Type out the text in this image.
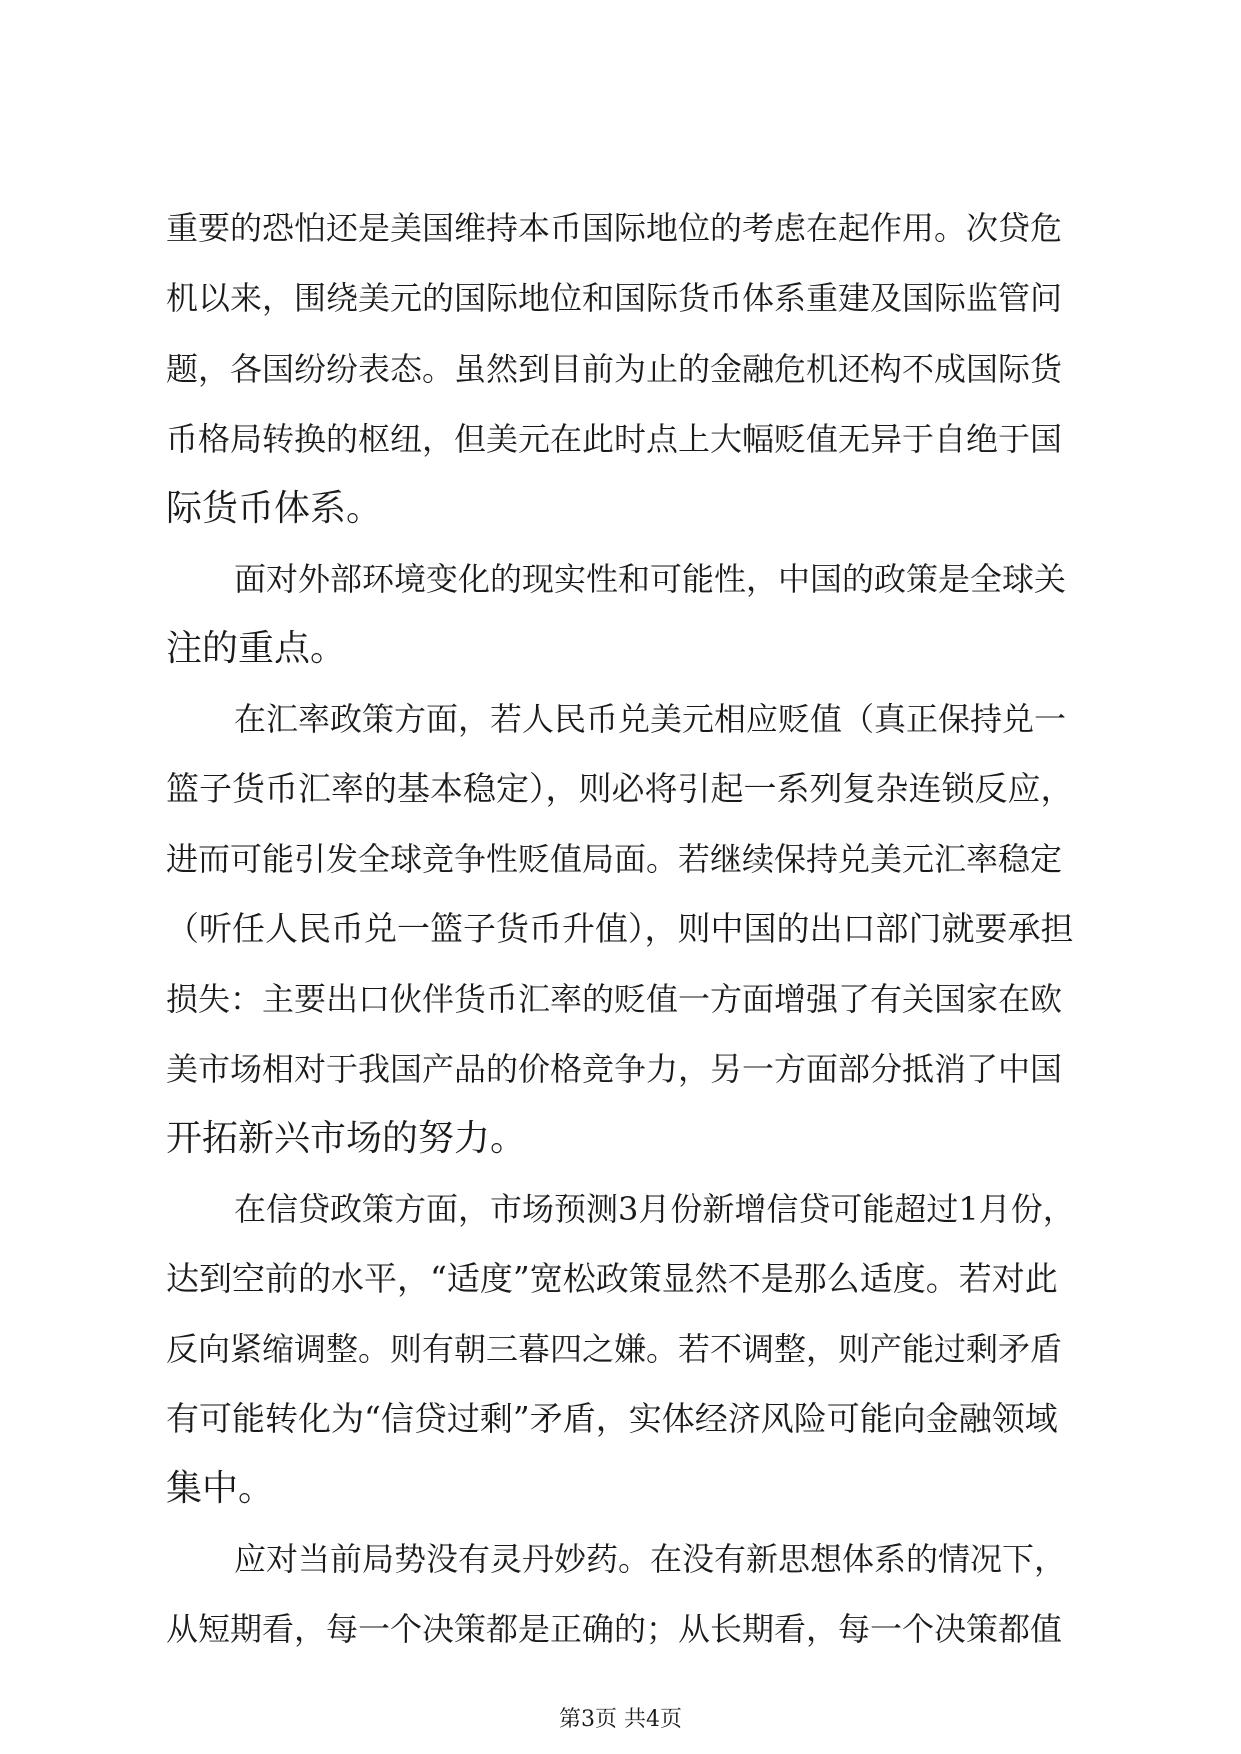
重要的恐怕还是美国维持本币国际地位的考虑在起作用。次贷危
机以来，围绕美元的国际地位和国际货币体系重建及国际监管问
题，各国纷纷表态。虽然到目前为止的金融危机还构不成国际货
币格局转换的枢纽，但美元在此时点上大幅贬值无异于自绝于国
际货币体系。
面对外部环境变化的现实性和可能性，中国的政策是全球关
注的重点。
在汇率政策方面，若人民币兑美元相应贬值（真正保持兑一
篮子货币汇率的基本稳定），则必将引起一系列复杂连锁反应，
进而可能引发全球竞争性贬值局面。若继续保持兑美元汇率稳定
（听任人民币兑一篮子货币升值），则中国的出口部门就要承担
损失：主要出口伙伴货币汇率的贬值一方面增强了有关国家在欧
美市场相对于我国产品的价格竞争力，另一方面部分抵消了中国
开拓新兴市场的努力。
在信贷政策方面，市场预测3月份新增信贷可能超过1月份，
达到空前的水平，“适度”宽松政策显然不是那么适度。若对此
反向紧缩调整。则有朝三暮四之嫌。若不调整，则产能过剩矛盾
有可能转化为“信贷过剩”矛盾，实体经济风险可能向金融领域
集中。
应对当前局势没有灵丹妙药。在没有新思想体系的情况下，
从短期看，每一个决策都是正确的；从长期看，每一个决策都值
第3页 共4页
